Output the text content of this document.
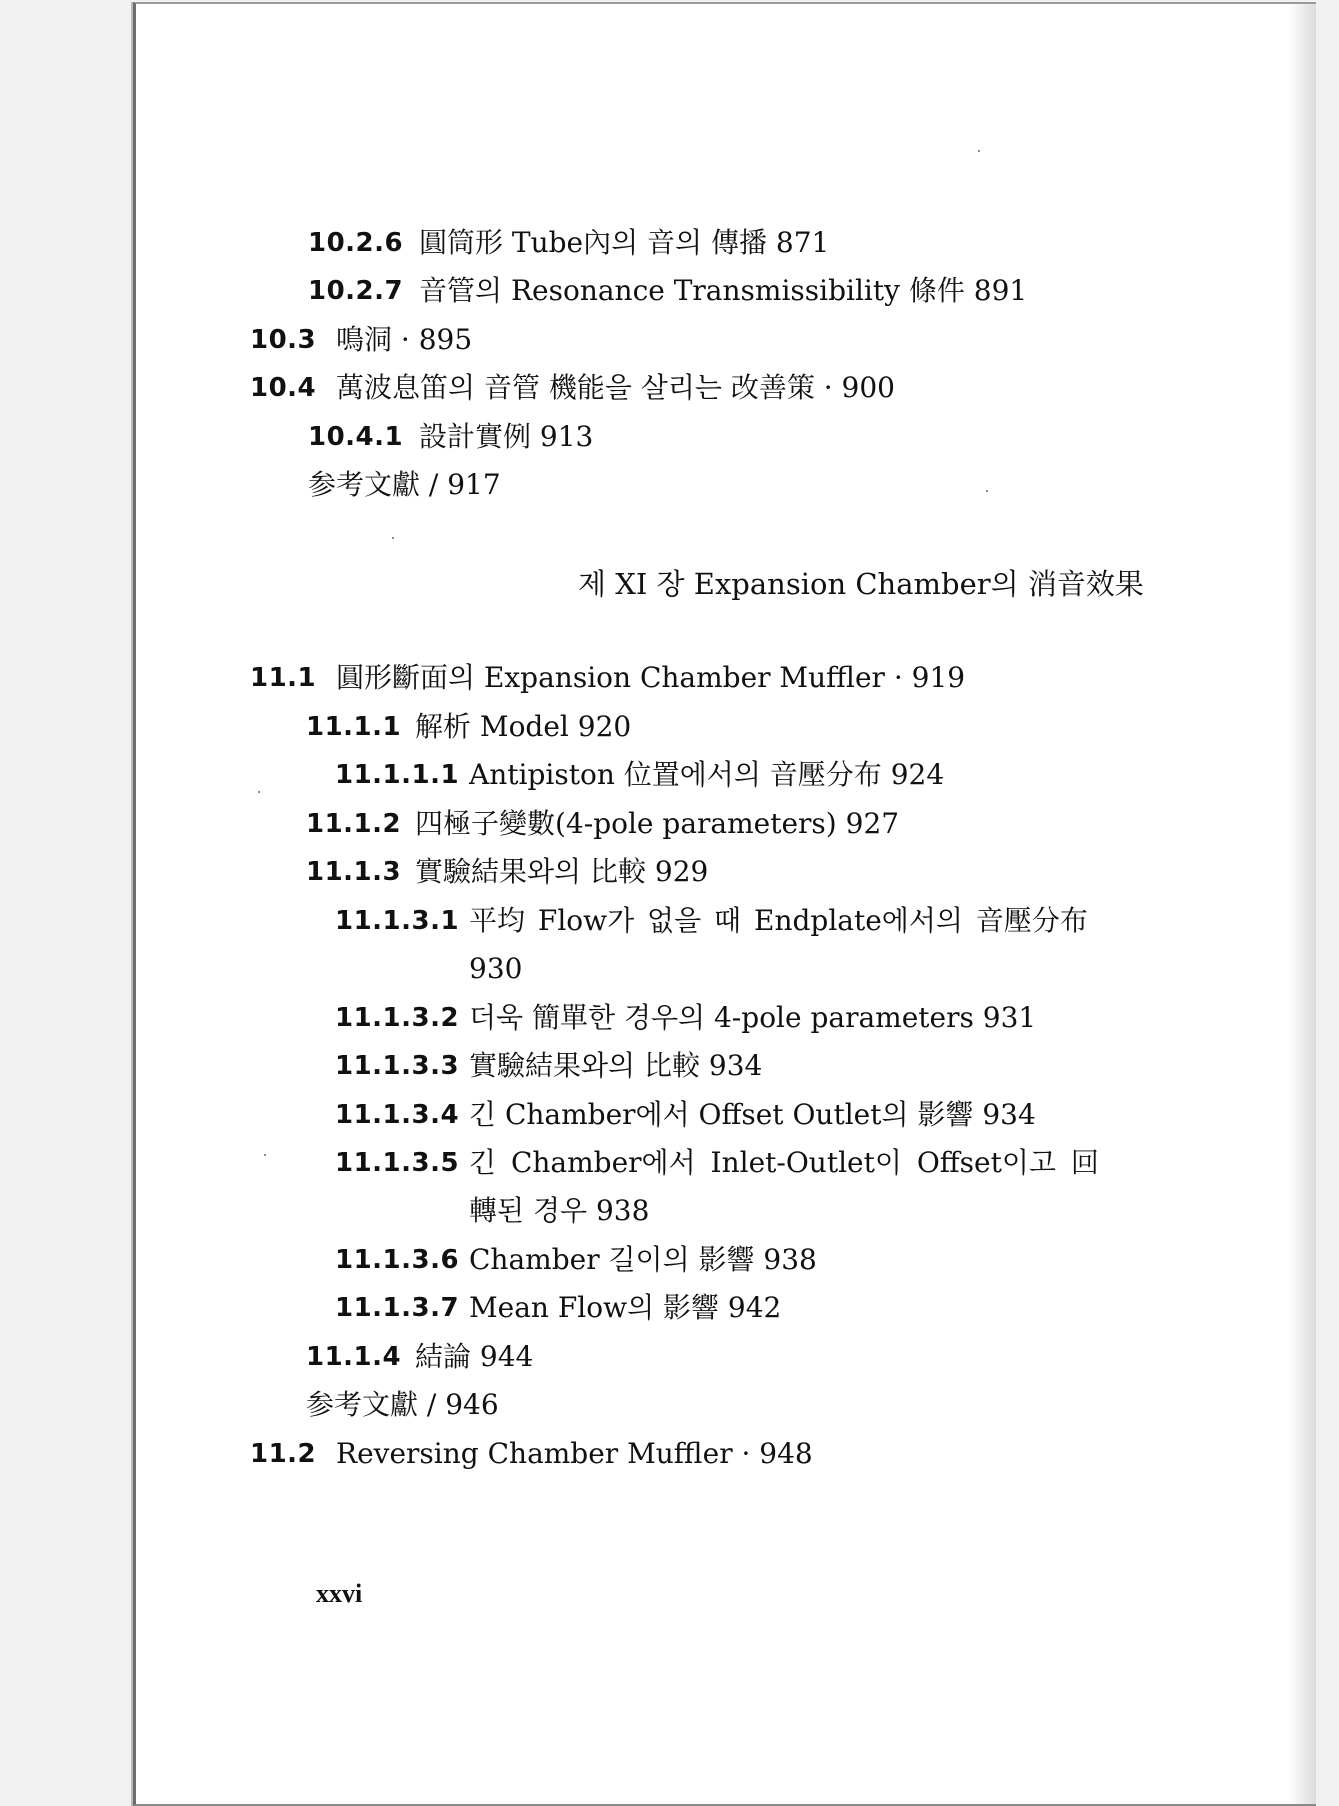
10.2.6 圓筒形 Tube內의 音의 傳播 871
10.2.7 音管의 Resonance Transmissibility 條件 891
10.3 鳴洞 · 895
10.4 萬波息笛의 音管 機能을 살리는 改善策 · 900
10.4.1 設計實例 913
参考文獻 / 917
제 XI 장 Expansion Chamber의 消音效果
11.1 圓形斷面의 Expansion Chamber Muffler · 919
11.1.1 解析 Model 920
11.1.1.1 Antipiston 位置에서의 音壓分布 924
11.1.2 四極子變數(4-pole parameters) 927
11.1.3 實驗結果와의 比較 929
11.1.3.1 平均 Flow가 없을 때 Endplate에서의 音壓分布
930
11.1.3.2 더욱 簡單한 경우의 4-pole parameters 931
11.1.3.3 實驗結果와의 比較 934
11.1.3.4 긴 Chamber에서 Offset Outlet의 影響 934
11.1.3.5 긴 Chamber에서 Inlet-Outlet이 Offset이고 回
轉된 경우 938
11.1.3.6 Chamber 길이의 影響 938
11.1.3.7 Mean Flow의 影響 942
11.1.4 結論 944
参考文獻 / 946
11.2 Reversing Chamber Muffler · 948
xxvi
